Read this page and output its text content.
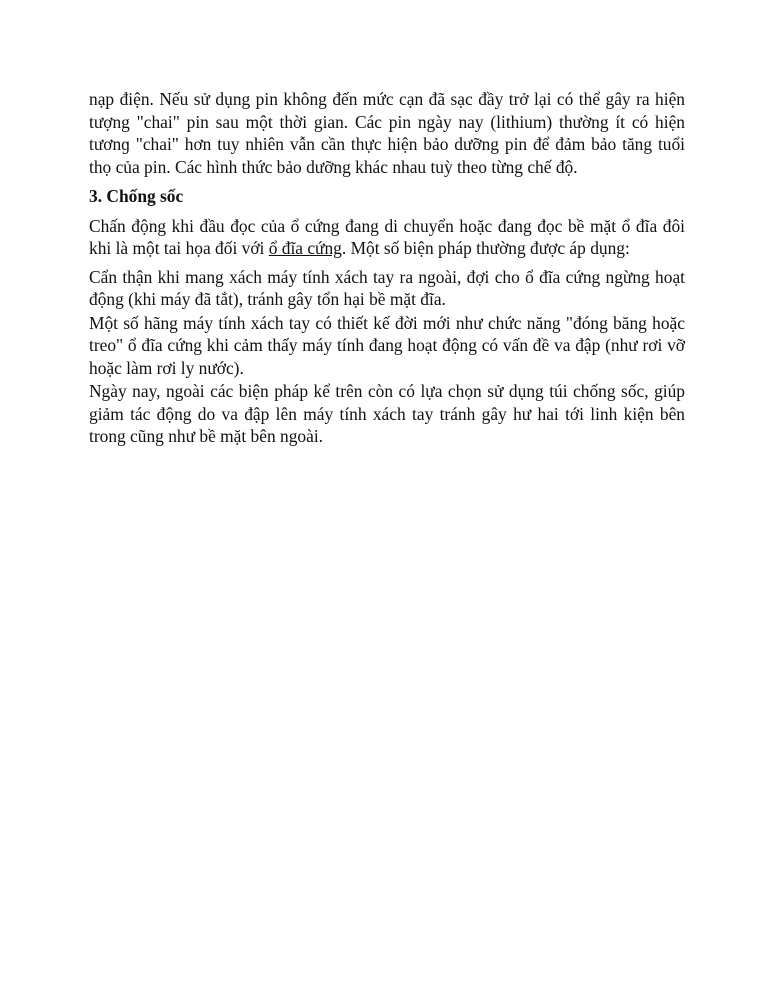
nạp điện. Nếu sử dụng pin không đến mức cạn đã sạc đầy trở lại có thể gây ra hiện tượng "chai" pin sau một thời gian. Các pin ngày nay (lithium) thường ít có hiện tươnɡ "chai" hơn tuy nhiên vẫn cần thực hiện bảo dưỡng pin để đảm bảo tăng tuổi thọ của pin. Các hình thức bảo dưỡng khác nhau tuỳ theo từng chế độ.

3. Chống sốc

Chấn động khi đầu đọc của ổ cứng đang di chuyển hoặc đang đọc bề mặt ổ đĩa đôi khi là một tai họa đối với ổ đĩa cứng. Một số biện pháp thường được áp dụng:

Cẩn thận khi mang xách máy tính xách tay ra ngoài, đợi cho ổ đĩa cứng ngừng hoạt động (khi máy đã tắt), tránh gây tổn hại bề mặt đĩa.

Một số hãng máy tính xách tay có thiết kế đời mới như chức năng "đóng băng hoặc treo" ổ đĩa cứng khi cảm thấy máy tính đang hoạt động có vấn đề va đập (như rơi vỡ hoặc làm rơi ly nước).

Ngày nay, ngoài các biện pháp kể trên còn có lựa chọn sử dụng túi chống sốc, giúp giảm tác động do va đập lên máy tính xách tay tránh gây hư hai tới linh kiện bên trong cũng như bề mặt bên ngoài.
